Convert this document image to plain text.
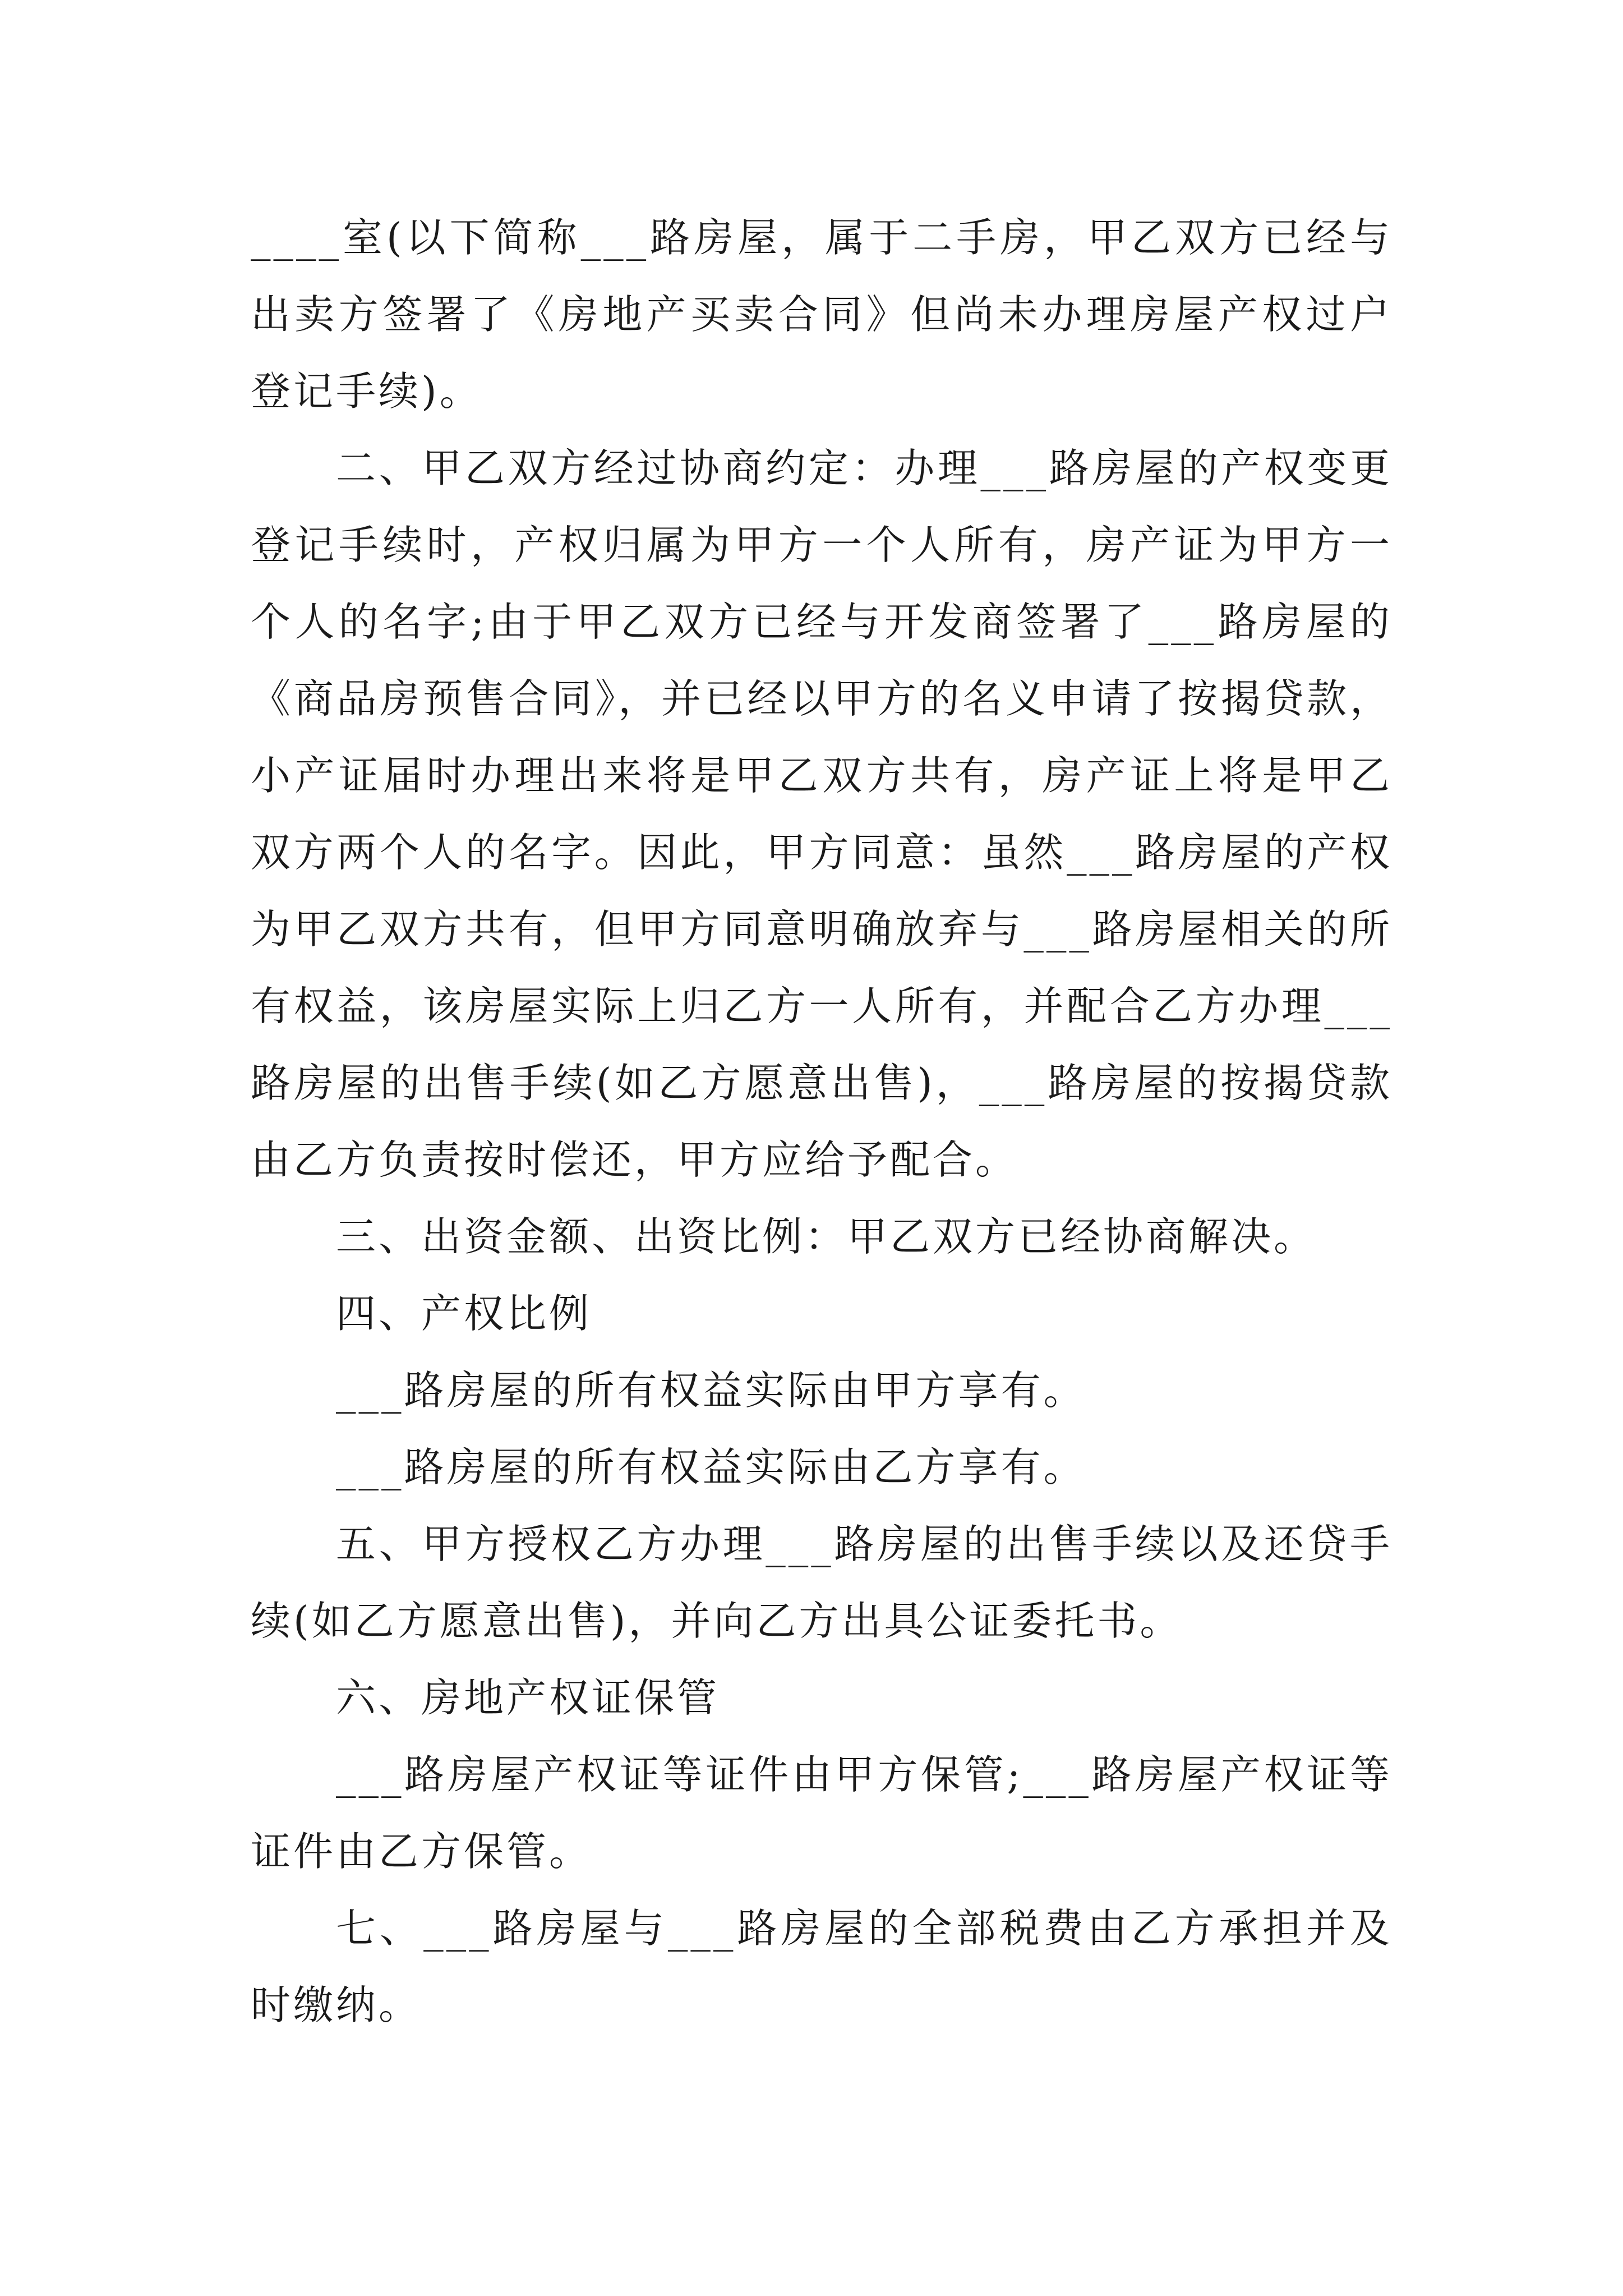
____室(以下简称___路房屋，属于二手房，甲乙双方已经与出卖方签署了《房地产买卖合同》但尚未办理房屋产权过户登记手续)。

二、甲乙双方经过协商约定：办理___路房屋的产权变更登记手续时，产权归属为甲方一个人所有，房产证为甲方一个人的名字;由于甲乙双方已经与开发商签署了___路房屋的《商品房预售合同》，并已经以甲方的名义申请了按揭贷款，小产证届时办理出来将是甲乙双方共有，房产证上将是甲乙双方两个人的名字。因此，甲方同意：虽然___路房屋的产权为甲乙双方共有，但甲方同意明确放弃与___路房屋相关的所有权益，该房屋实际上归乙方一人所有，并配合乙方办理___路房屋的出售手续(如乙方愿意出售)，___路房屋的按揭贷款由乙方负责按时偿还，甲方应给予配合。

三、出资金额、出资比例：甲乙双方已经协商解决。

四、产权比例

___路房屋的所有权益实际由甲方享有。

___路房屋的所有权益实际由乙方享有。

五、甲方授权乙方办理___路房屋的出售手续以及还贷手续(如乙方愿意出售)，并向乙方出具公证委托书。

六、房地产权证保管

___路房屋产权证等证件由甲方保管;___路房屋产权证等证件由乙方保管。

七、___路房屋与___路房屋的全部税费由乙方承担并及时缴纳。
